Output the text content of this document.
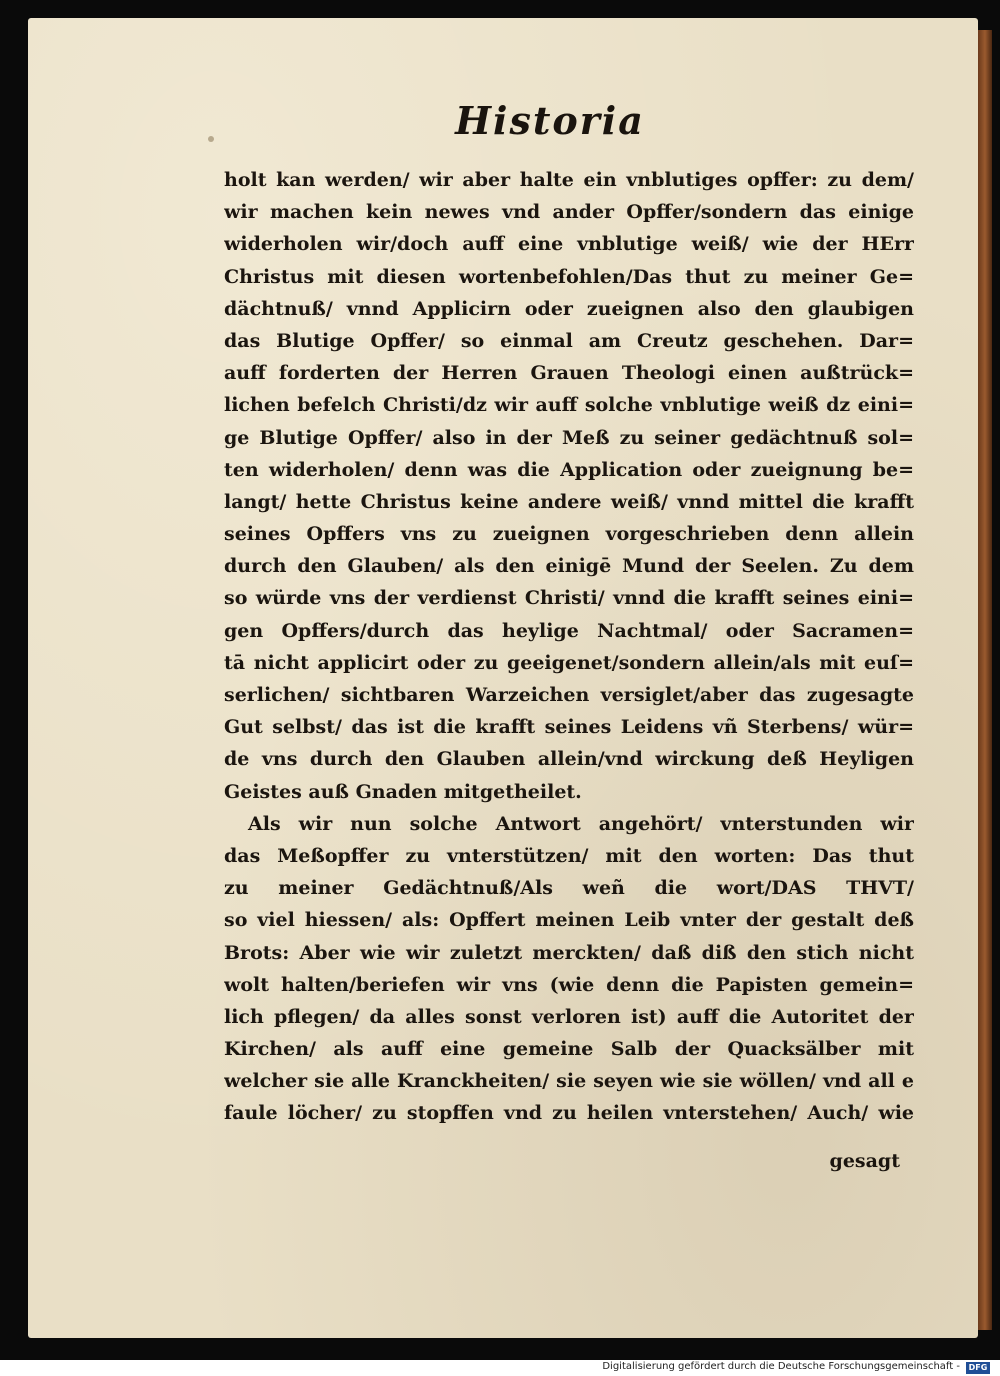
Historia
holt kan werden/ wir aber halte ein vnblutiges opffer: zu dem/
wir machen kein newes vnd ander Opffer/sondern das einige
widerholen wir/doch auff eine vnblutige weiß/ wie der HErr
Christus mit diesen wortenbefohlen/Das thut zu meiner Ge=
dächtnuß/ vnnd Applicirn oder zueignen also den glaubigen
das Blutige Opffer/ so einmal am Creutz geschehen. Dar=
auff forderten der Herren Grauen Theologi einen außtrück=
lichen befelch Christi/dz wir auff solche vnblutige weiß dz eini=
ge Blutige Opffer/ also in der Meß zu seiner gedächtnuß sol=
ten widerholen/ denn was die Application oder zueignung be=
langt/ hette Christus keine andere weiß/ vnnd mittel die krafft
seines Opffers vns zu zueignen vorgeschrieben denn allein
durch den Glauben/ als den einigē Mund der Seelen. Zu dem
so würde vns der verdienst Christi/ vnnd die krafft seines eini=
gen Opffers/durch das heylige Nachtmal/ oder Sacramen=
tā nicht applicirt oder zu geeigenet/sondern allein/als mit euſ=
serlichen/ sichtbaren Warzeichen versiglet/aber das zugesagte
Gut selbst/ das ist die krafft seines Leidens vñ Sterbens/ wür=
de vns durch den Glauben allein/vnd wirckung deß Heyligen
Geistes auß Gnaden mitgetheilet.
Als wir nun solche Antwort angehört/ vnterstunden wir
das Meßopffer zu vnterstützen/ mit den worten: Das thut
zu meiner Gedächtnuß/Als weñ die wort/DAS THVT/
so viel hiessen/ als: Opffert meinen Leib vnter der gestalt deß
Brots: Aber wie wir zuletzt merckten/ daß diß den stich nicht
wolt halten/beriefen wir vns (wie denn die Papisten gemein=
lich pflegen/ da alles sonst verloren ist) auff die Autoritet der
Kirchen/ als auff eine gemeine Salb der Quacksälber mit
welcher sie alle Kranckheiten/ sie seyen wie sie wöllen/ vnd all e
faule löcher/ zu stopffen vnd zu heilen vnterstehen/ Auch/ wie
gesagt
Digitalisierung gefördert durch die Deutsche Forschungsgemeinschaft -	DFG
